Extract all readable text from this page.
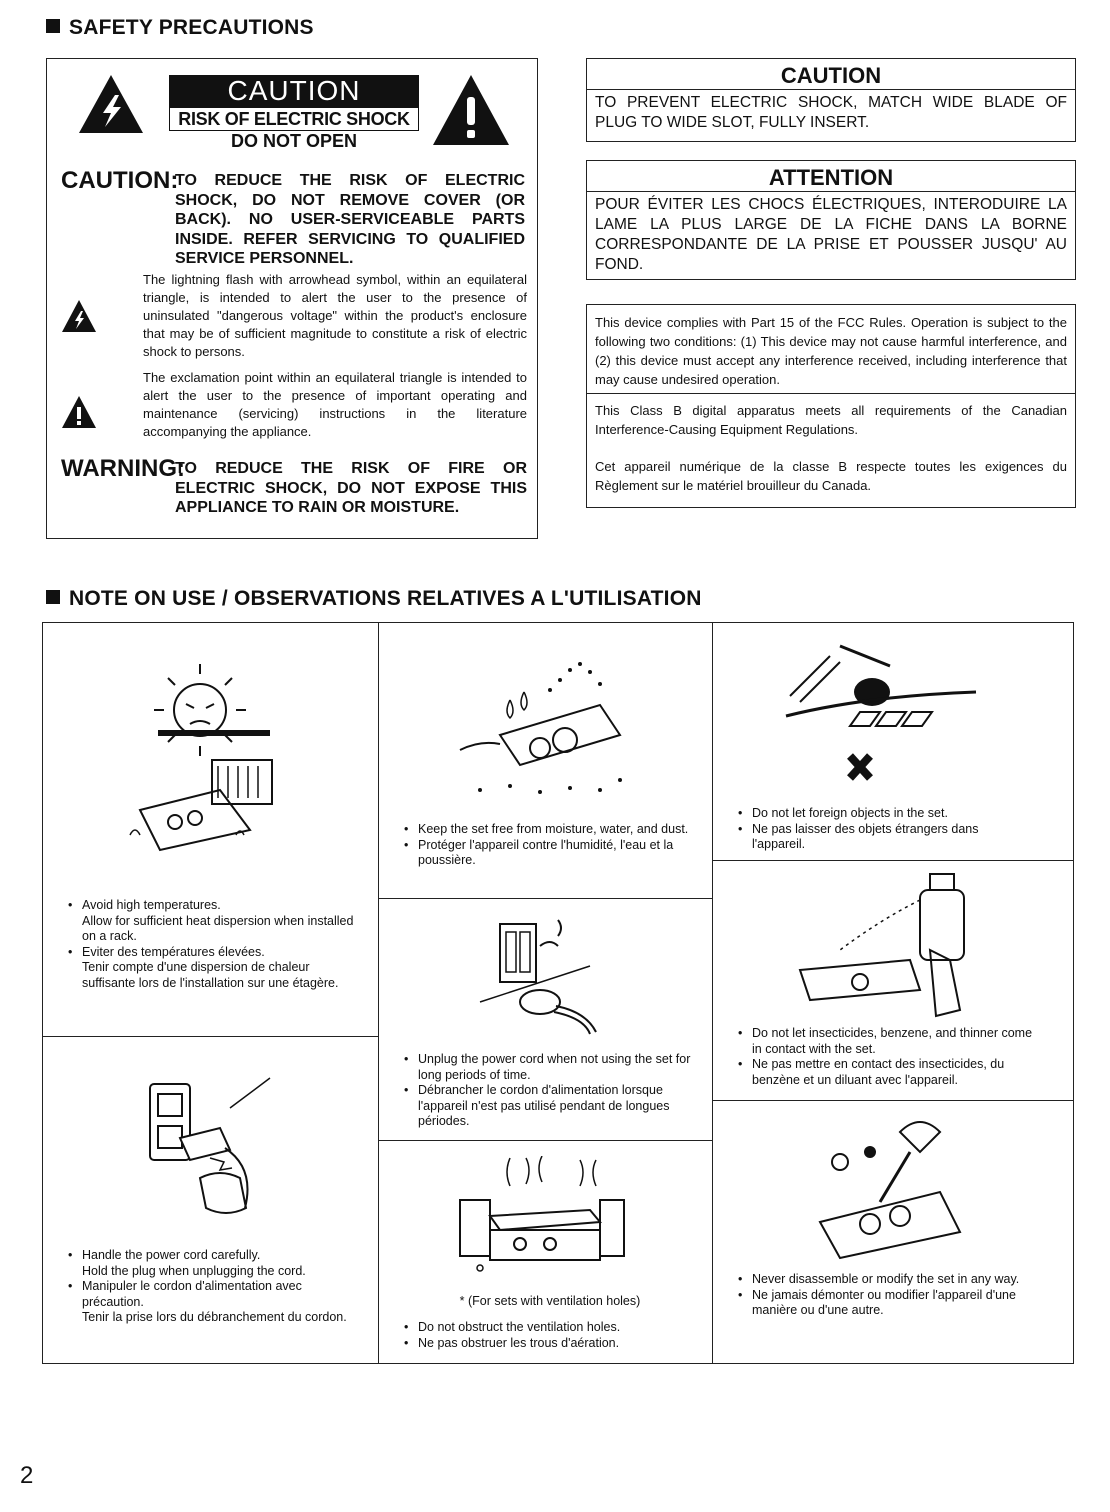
SAFETY PRECAUTIONS
CAUTION
RISK OF ELECTRIC SHOCK
DO NOT OPEN
CAUTION:
TO REDUCE THE RISK OF ELECTRIC SHOCK, DO NOT REMOVE COVER (OR BACK). NO USER-SERVICEABLE PARTS INSIDE. REFER SERVICING TO QUALIFIED SERVICE PERSONNEL.
The lightning flash with arrowhead symbol, within an equilateral triangle, is intended to alert the user to the presence of uninsulated "dangerous voltage" within the product's enclosure that may be of sufficient magnitude to constitute a risk of electric shock to persons.
The exclamation point within an equilateral triangle is intended to alert the user to the presence of important operating and maintenance (servicing) instructions in the literature accompanying the appliance.
WARNING:
TO REDUCE THE RISK OF FIRE OR ELECTRIC SHOCK, DO NOT EXPOSE THIS APPLIANCE TO RAIN OR MOISTURE.
CAUTION
TO PREVENT ELECTRIC SHOCK, MATCH WIDE BLADE OF PLUG TO WIDE SLOT, FULLY INSERT.
ATTENTION
POUR ÉVITER LES CHOCS ÉLECTRIQUES, INTERODUIRE LA LAME LA PLUS LARGE DE LA FICHE DANS LA BORNE CORRESPONDANTE DE LA PRISE ET POUSSER JUSQU' AU FOND.
This device complies with Part 15 of the FCC Rules. Operation is subject to the following two conditions: (1) This device may not cause harmful interference, and (2) this device must accept any interference received, including interference that may cause undesired operation.
This Class B digital apparatus meets all requirements of the Canadian Interference-Causing Equipment Regulations.
Cet appareil numérique de la classe B respecte toutes les exigences du Règlement sur le matériel brouilleur du Canada.
NOTE ON USE / OBSERVATIONS RELATIVES A L'UTILISATION
• Avoid high temperatures.
Allow for sufficient heat dispersion when installed on a rack.
• Eviter des températures élevées.
Tenir compte d'une dispersion de chaleur suffisante lors de l'installation sur une étagère.
• Handle the power cord carefully.
Hold the plug when unplugging the cord.
• Manipuler le cordon d'alimentation avec précaution.
Tenir la prise lors du débranchement du cordon.
• Keep the set free from moisture, water, and dust.
• Protéger l'appareil contre l'humidité, l'eau et la poussière.
• Unplug the power cord when not using the set for long periods of time.
• Débrancher le cordon d'alimentation lorsque l'appareil n'est pas utilisé pendant de longues périodes.
* (For sets with ventilation holes)
• Do not obstruct the ventilation holes.
• Ne pas obstruer les trous d'aération.
• Do not let foreign objects in the set.
• Ne pas laisser des objets étrangers dans l'appareil.
• Do not let insecticides, benzene, and thinner come in contact with the set.
• Ne pas mettre en contact des insecticides, du benzène et un diluant avec l'appareil.
• Never disassemble or modify the set in any way.
• Ne jamais démonter ou modifier l'appareil d'une manière ou d'une autre.
2
